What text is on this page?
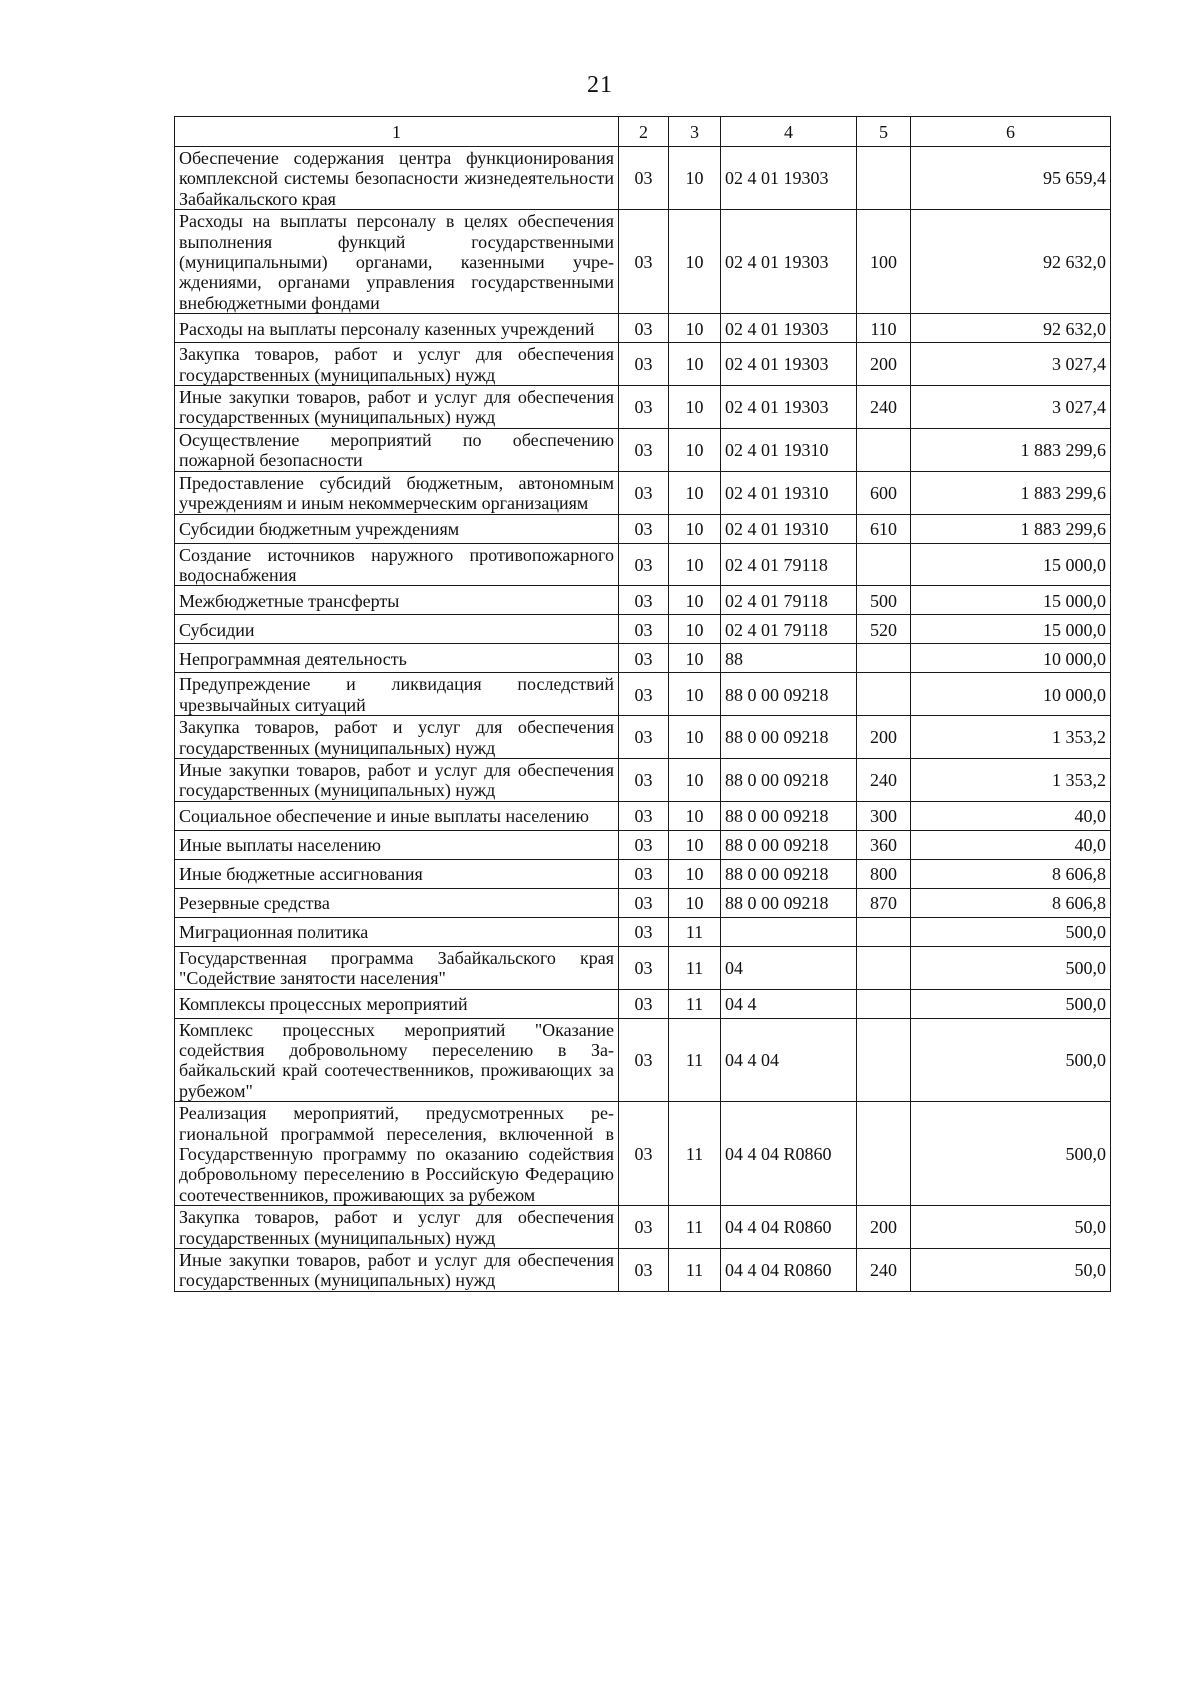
21
1	2	3	4	5	6
Обеспечение содержания центра функционирования комплексной системы безопасности жизнедеятельности Забайкальского края	03	10	02 4 01 19303		95 659,4
Расходы на выплаты персоналу в целях обеспечения выполнения функций государственными (муниципальными) органами, казенными учреждениями, органами управления государственными внебюджетными фондами	03	10	02 4 01 19303	100	92 632,0
Расходы на выплаты персоналу казенных учреждений	03	10	02 4 01 19303	110	92 632,0
Закупка товаров, работ и услуг для обеспечения государственных (муниципальных) нужд	03	10	02 4 01 19303	200	3 027,4
Иные закупки товаров, работ и услуг для обеспечения государственных (муниципальных) нужд	03	10	02 4 01 19303	240	3 027,4
Осуществление мероприятий по обеспечению пожарной безопасности	03	10	02 4 01 19310		1 883 299,6
Предоставление субсидий бюджетным, автономным учреждениям и иным некоммерческим организациям	03	10	02 4 01 19310	600	1 883 299,6
Субсидии бюджетным учреждениям	03	10	02 4 01 19310	610	1 883 299,6
Создание источников наружного противопожарного водоснабжения	03	10	02 4 01 79118		15 000,0
Межбюджетные трансферты	03	10	02 4 01 79118	500	15 000,0
Субсидии	03	10	02 4 01 79118	520	15 000,0
Непрограммная деятельность	03	10	88		10 000,0
Предупреждение и ликвидация последствий чрезвычайных ситуаций	03	10	88 0 00 09218		10 000,0
Закупка товаров, работ и услуг для обеспечения государственных (муниципальных) нужд	03	10	88 0 00 09218	200	1 353,2
Иные закупки товаров, работ и услуг для обеспечения государственных (муниципальных) нужд	03	10	88 0 00 09218	240	1 353,2
Социальное обеспечение и иные выплаты населению	03	10	88 0 00 09218	300	40,0
Иные выплаты населению	03	10	88 0 00 09218	360	40,0
Иные бюджетные ассигнования	03	10	88 0 00 09218	800	8 606,8
Резервные средства	03	10	88 0 00 09218	870	8 606,8
Миграционная политика	03	11			500,0
Государственная программа Забайкальского края "Содействие занятости населения"	03	11	04		500,0
Комплексы процессных мероприятий	03	11	04 4		500,0
Комплекс процессных мероприятий "Оказание содействия добровольному переселению в Забайкальский край соотечественников, проживающих за рубежом"	03	11	04 4 04		500,0
Реализация мероприятий, предусмотренных региональной программой переселения, включенной в Государственную программу по оказанию содействия добровольному переселению в Российскую Федерацию соотечественников, проживающих за рубежом	03	11	04 4 04 R0860		500,0
Закупка товаров, работ и услуг для обеспечения государственных (муниципальных) нужд	03	11	04 4 04 R0860	200	50,0
Иные закупки товаров, работ и услуг для обеспечения государственных (муниципальных) нужд	03	11	04 4 04 R0860	240	50,0
